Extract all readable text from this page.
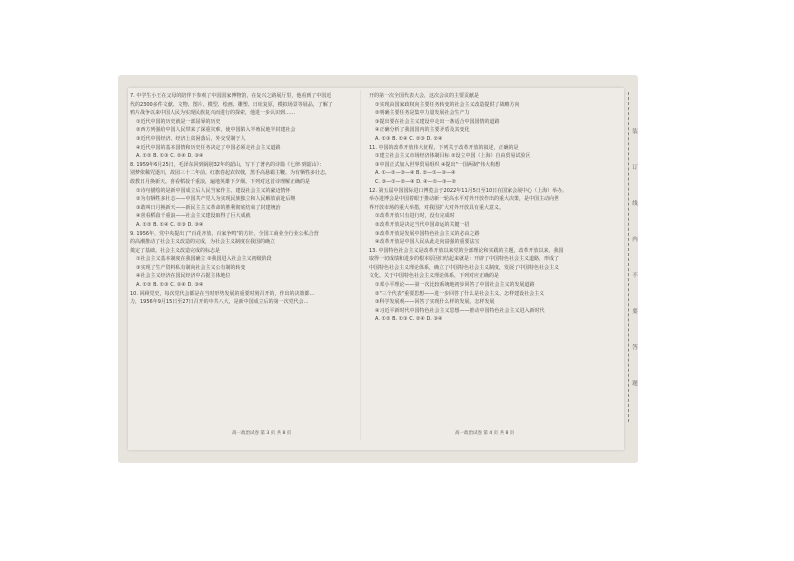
7. 中学生小王在父母的陪伴下参观了中国国家博物馆，在复兴之路展厅里，他看到了中国近
代的2300多件文献、文物、图片、模型、绘画、雕塑、日址复原，模拟场景等展品，了解了
鸦片战争以来中国人民为实现民族复兴而进行的探索，他进一步认识到……
①近代中国的历史就是一部屈辱的历史
②西方列强给中国人民带来了深重灾难，使中国陷入半殖民地半封建社会
③近代中国经济、经济上贫困落后，外交受制于人
④近代中国的基本国情和历史任务决定了中国必须走社会主义道路
A. ①② B. ①③ C. ②④ D. ③④
8. 1959年6月25日，毛泽东回到阔别32年的韶山，写下了著名的诗篇《七律·到韶山》：
别梦依稀咒逝川，故园三十二年前。红旗卷起农奴戟，黑手高悬霸主鞭。为有牺牲多壮志，
敢教日月换新天。喜看稻菽千重浪，遍地英雄下夕烟。下列对这首诗理解正确的是
①诗句描绘的是新中国成立后人民当家作主、建设社会主义的豪迈情怀
②为有牺牲多壮志——中国共产党人为实现民族独立和人民解放前赴后继
③敢叫日月换新天——新民主主义革命的胜利彻底结束了封建统治
④喜看稻菽千重浪——社会主义建设取得了巨大成就
A. ①② B. ①④ C. ②③ D. ③④
9. 1956年，党中央提出了"百花齐放、百家争鸣"的方针，全国工商业全行业公私合营
的高潮推动了社会主义改造的完成，为社会主义制度在我国的确立
奠定了基础。社会主义改造完成的标志是
①社会主义基本制度在我国确立 ②我国进入社会主义初级阶段
③实现了生产资料私有制向社会主义公有制的转变
④社会主义经济在国民经济中占据主体地位
A. ①② B. ①③ C. ②④ D. ③④
10. 回顾党史，每次党代会都是在当时形势发展的重要时刻召开的，作出的决策都…
力，1956年9月15日至27日召开的中共八大，是新中国成立后的第一次党代会…
开的第一次全国代表大会，这次会议的主要贡献是
①实现由国家政权向主要任务转变的社会主义改造提供了战略方向
②明确主要任务是集中力量发展社会生产力
③提出要在社会主义建设中走出一条适合中国国情的道路
④正确分析了我国国内的主要矛盾及其变化
A. ①③ B. ①④ C. ②③ D. ②④
11. 中国的改革开放伟大征程，下列关于改革开放的叙述，正确的是
①建立社会主义市场经济体制目标 ②设立中国（上海）自由贸易试验区
③中国正式加入世界贸易组织 ④提出"一国两制"伟大构想
A. ①—②—③—④ B. ②—①—③—④
C. ③—①—②—④ D. ④—①—③—②
12. 第五届中国国际进口博览会于2022年11月5日至10日在国家会展中心（上海）举办。
举办进博会是中国着眼于推动新一轮高水平对外开放作出的重大决策，是中国主动向世
界开放市场的重大举措，对我国扩大对外开放具有重大意义。
①改革开放只有进行时，没有完成时
②改革开放是决定当代中国命运的关键一招
③改革开放是发展中国特色社会主义的必由之路
④改革开放是中国人民从此走向富强的重要法宝
13. 中国特色社会主义是改革开放以来党的全部理论和实践的主题，改革开放以来，我国
取得一切成绩和进步的根本原因归结起来就是：开辟了中国特色社会主义道路，形成了
中国特色社会主义理论体系，确立了中国特色社会主义制度，发展了中国特色社会主义
文化。关于中国特色社会主义理论体系，下列对应正确的是
①邓小平理论——第一次比较系统地初步回答了中国社会主义的发展道路
②"三个代表"重要思想——进一步回答了什么是社会主义、怎样建设社会主义
③科学发展观——回答了实现什么样的发展、怎样发展
④习近平新时代中国特色社会主义思想——推动中国特色社会主义进入新时代
A. ①② B. ①③ C. ②④ D. ③④
高一政治试卷 第 3 页 共 8 页	高一政治试卷 第 4 页 共 8 页
装
订
线
内
不
要
答
题
